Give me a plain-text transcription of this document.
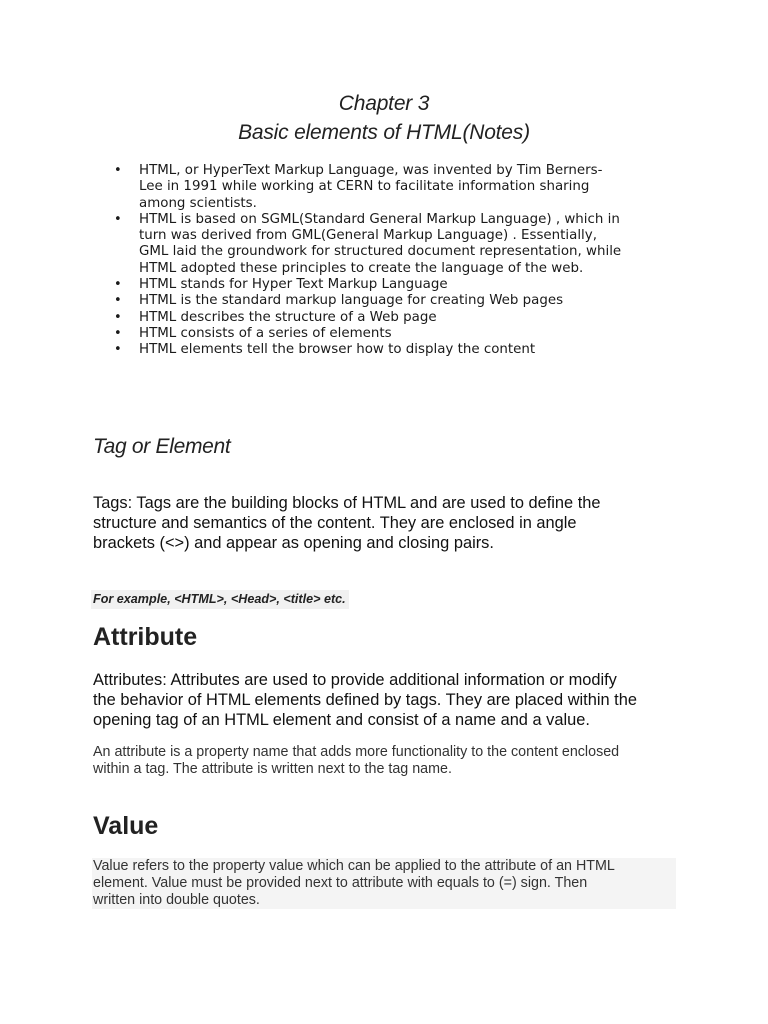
Chapter 3
Basic elements of HTML(Notes)
• HTML, or HyperText Markup Language, was invented by Tim Berners-
Lee in 1991 while working at CERN to facilitate information sharing
among scientists.
• HTML is based on SGML(Standard General Markup Language) , which in
turn was derived from GML(General Markup Language) . Essentially,
GML laid the groundwork for structured document representation, while
HTML adopted these principles to create the language of the web.
• HTML stands for Hyper Text Markup Language
• HTML is the standard markup language for creating Web pages
• HTML describes the structure of a Web page
• HTML consists of a series of elements
• HTML elements tell the browser how to display the content
Tag or Element
Tags: Tags are the building blocks of HTML and are used to define the
structure and semantics of the content. They are enclosed in angle
brackets (<>) and appear as opening and closing pairs.
For example, <HTML>, <Head>, <title> etc.
Attribute
Attributes: Attributes are used to provide additional information or modify
the behavior of HTML elements defined by tags. They are placed within the
opening tag of an HTML element and consist of a name and a value.
An attribute is a property name that adds more functionality to the content enclosed
within a tag. The attribute is written next to the tag name.
Value
Value refers to the property value which can be applied to the attribute of an HTML
element. Value must be provided next to attribute with equals to (=) sign. Then
written into double quotes.
